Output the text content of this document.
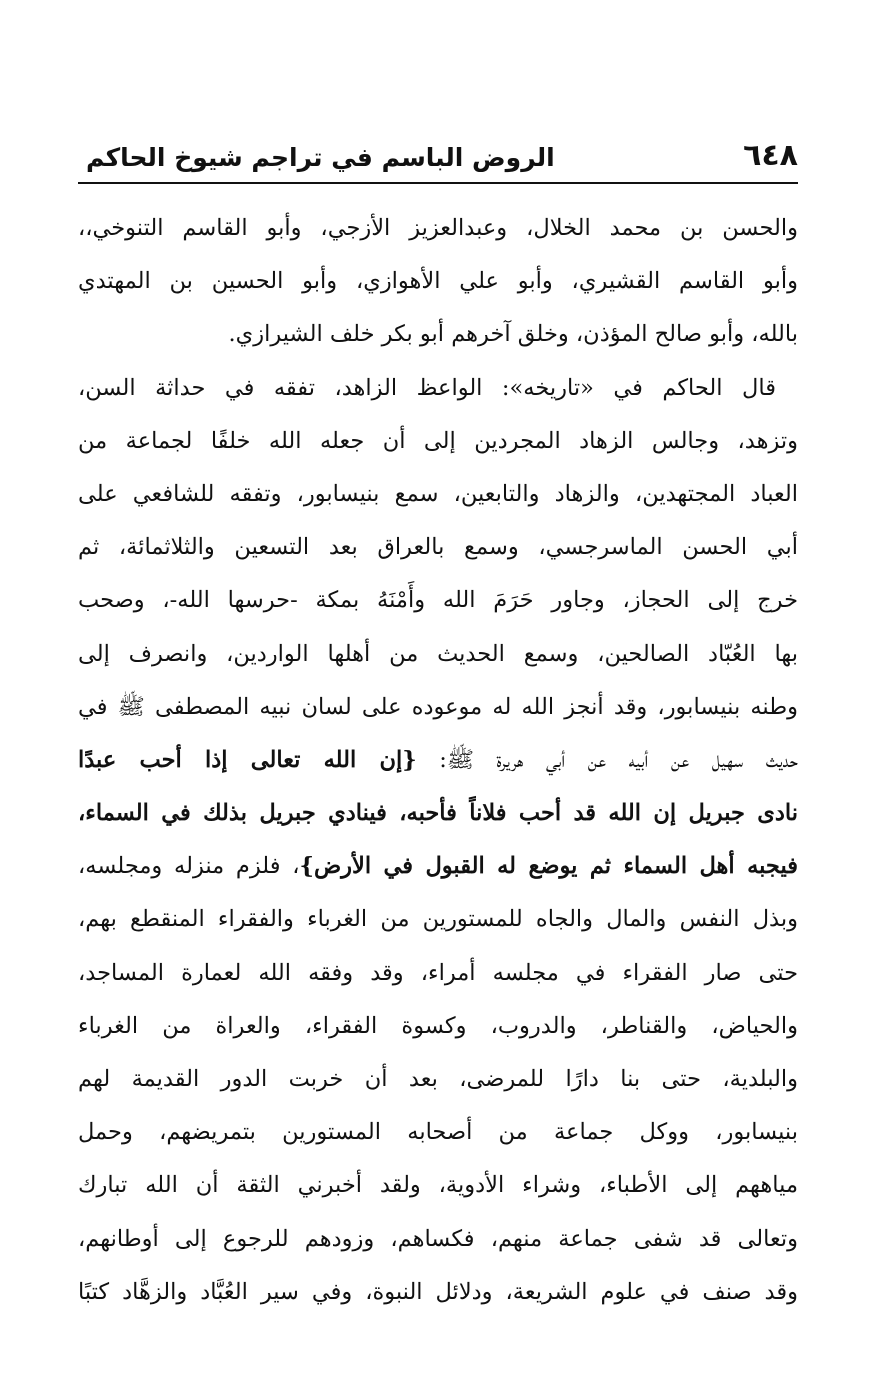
٦٤٨
الروض الباسم في تراجم شيوخ الحاكم
والحسن بن محمد الخلال، وعبدالعزيز الأزجي، وأبو القاسم التنوخي،،
وأبو القاسم القشيري، وأبو علي الأهوازي، وأبو الحسين بن المهتدي
بالله، وأبو صالح المؤذن، وخلق آخرهم أبو بكر خلف الشيرازي.
قال الحاكم في «تاريخه»: الواعظ الزاهد، تفقه في حداثة السن،
وتزهد، وجالس الزهاد المجردين إلى أن جعله الله خلفًا لجماعة من
العباد المجتهدين، والزهاد والتابعين، سمع بنيسابور، وتفقه للشافعي على
أبي الحسن الماسرجسي، وسمع بالعراق بعد التسعين والثلاثمائة، ثم
خرج إلى الحجاز، وجاور حَرَمَ الله وأَمْنَهُ بمكة -حرسها الله-، وصحب
بها العُبّاد الصالحين، وسمع الحديث من أهلها الواردين، وانصرف إلى
وطنه بنيسابور، وقد أنجز الله له موعوده على لسان نبيه المصطفى ﷺ في
حديث سهيل عن أبيه عن أبي هريرة ﷺ: {إن الله تعالى إذا أحب عبدًا
نادى جبريل إن الله قد أحب فلاناً فأحبه، فينادي جبريل بذلك في السماء،
فيجبه أهل السماء ثم يوضع له القبول في الأرض}، فلزم منزله ومجلسه،
وبذل النفس والمال والجاه للمستورين من الغرباء والفقراء المنقطع بهم،
حتى صار الفقراء في مجلسه أمراء، وقد وفقه الله لعمارة المساجد،
والحياض، والقناطر، والدروب، وكسوة الفقراء، والعراة من الغرباء
والبلدية، حتى بنا دارًا للمرضى، بعد أن خربت الدور القديمة لهم
بنيسابور، ووكل جماعة من أصحابه المستورين بتمريضهم، وحمل
مياههم إلى الأطباء، وشراء الأدوية، ولقد أخبرني الثقة أن الله تبارك
وتعالى قد شفى جماعة منهم، فكساهم، وزودهم للرجوع إلى أوطانهم،
وقد صنف في علوم الشريعة، ودلائل النبوة، وفي سير العُبَّاد والزهَّاد كتبًا
